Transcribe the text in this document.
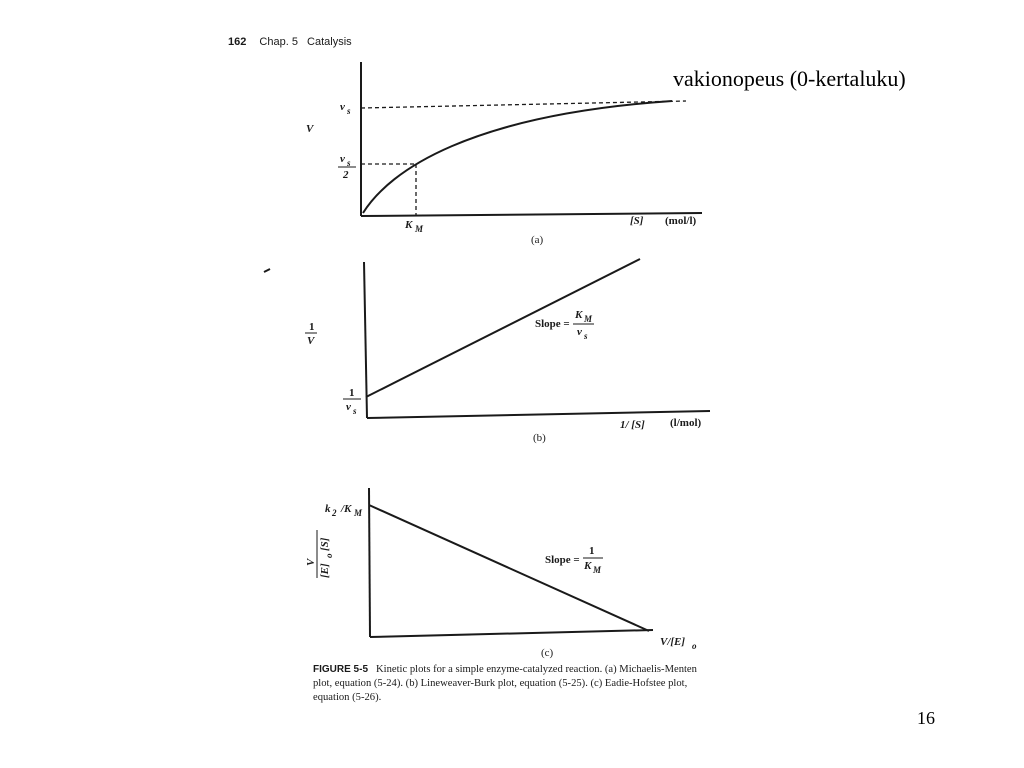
162 Chap. 5 Catalysis
vakionopeus (0-kertaluku)
V
v s
v s
2
K M
[S] (mol/l)
(a)
1
V
1
v s
Slope =
K M
v s
1/ [S] (l/mol)
(b)
k 2 /K M
V
[E]
o
[S]
Slope =
1
K M
V/[E] o
(c)
FIGURE 5-5 Kinetic plots for a simple enzyme-catalyzed reaction. (a) Michaelis-Menten plot, equation (5-24). (b) Lineweaver-Burk plot, equation (5-25). (c) Eadie-Hofstee plot, equation (5-26).
16
